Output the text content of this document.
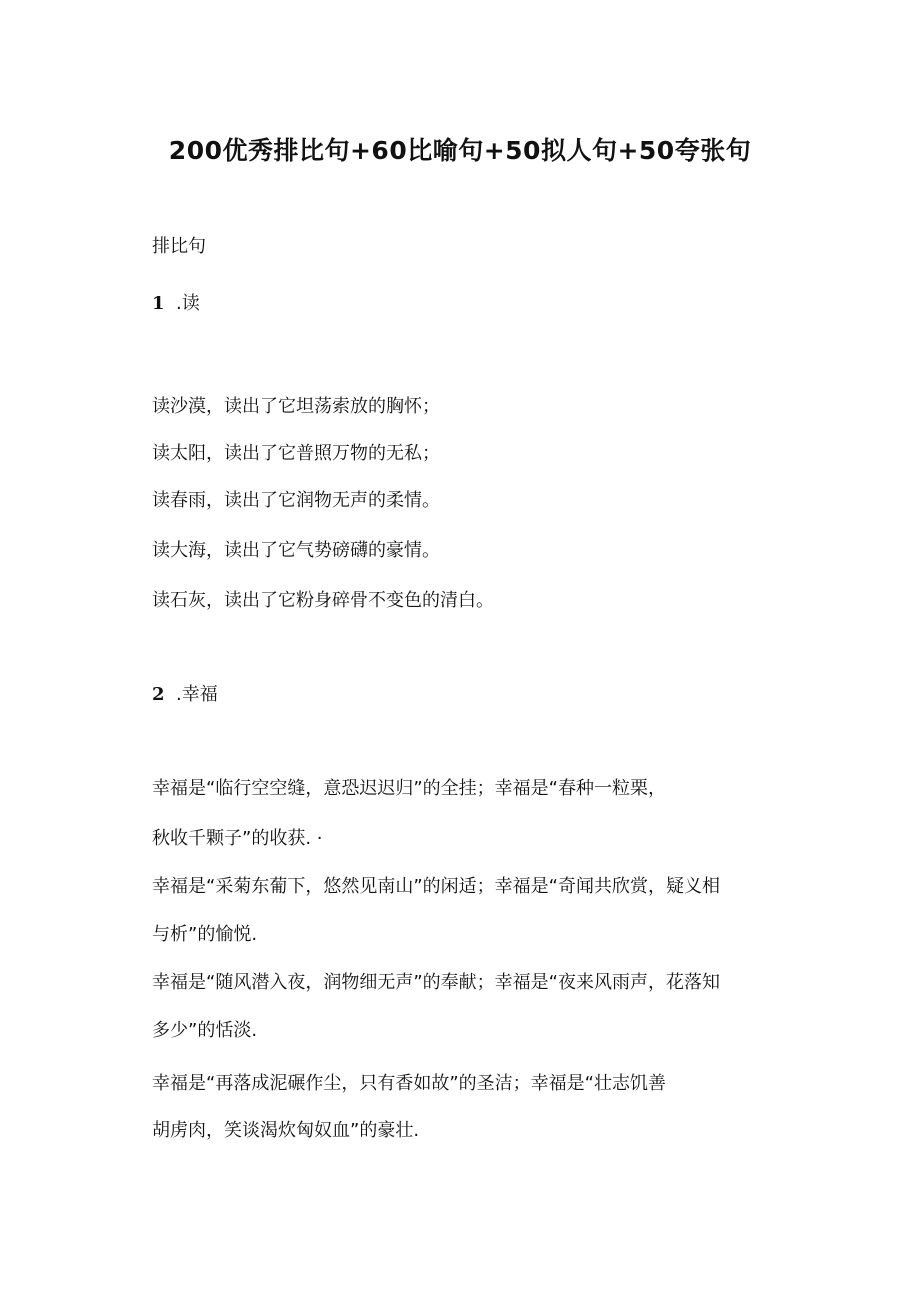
200优秀排比句+60比喻句+50拟人句+50夸张句

排比句

1 .读

读沙漠，读出了它坦荡索放的胸怀；

读太阳，读出了它普照万物的无私；

读春雨，读出了它润物无声的柔情。

读大海，读出了它气势磅礴的豪情。

读石灰，读出了它粉身碎骨不变色的清白。

2 .幸福

幸福是“临行空空缝，意恐迟迟归”的全挂；幸福是“春种一粒栗，

秋收千颗子”的收获. ·

幸福是“采菊东葡下，悠然见南山”的闲适；幸福是“奇闻共欣赏，疑义相

与析”的愉悦.

幸福是“随风潜入夜，润物细无声”的奉献；幸福是“夜来风雨声，花落知

多少”的恬淡.

幸福是“再落成泥碾作尘，只有香如故”的圣洁；幸福是“壮志饥善

胡虏肉，笑谈渴炊匈奴血”的豪壮.
